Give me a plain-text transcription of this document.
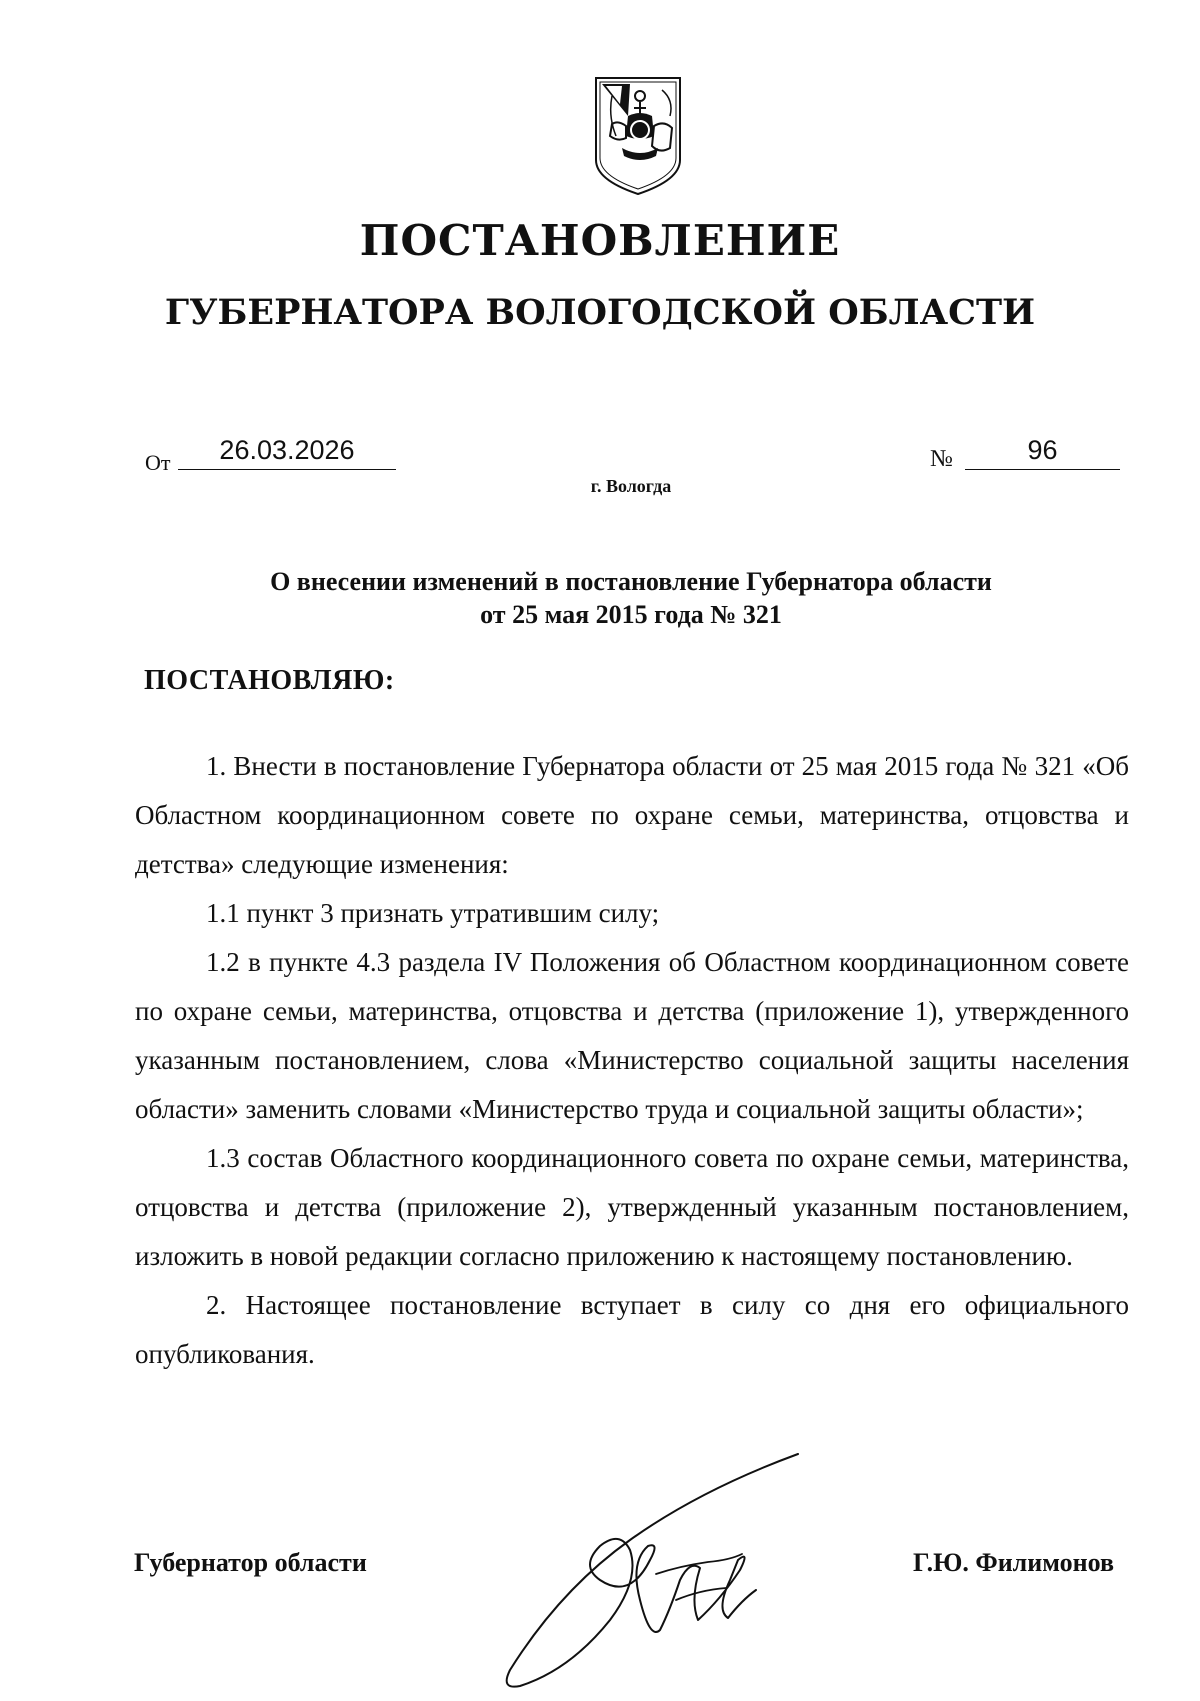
ПОСТАНОВЛЕНИЕ
ГУБЕРНАТОРА ВОЛОГОДСКОЙ ОБЛАСТИ
От	26.03.2026	№	96
г. Вологда
О внесении изменений в постановление Губернатора области
от 25 мая 2015 года № 321
ПОСТАНОВЛЯЮ:

1. Внести в постановление Губернатора области от 25 мая 2015 года № 321 «Об Областном координационном совете по охране семьи, материнства, отцовства и детства» следующие изменения:

1.1 пункт 3 признать утратившим силу;

1.2 в пункте 4.3 раздела IV Положения об Областном координационном совете по охране семьи, материнства, отцовства и детства (приложение 1), утвержденного указанным постановлением, слова «Министерство социальной защиты населения области» заменить словами «Министерство труда и социальной защиты области»;

1.3 состав Областного координационного совета по охране семьи, материнства, отцовства и детства (приложение 2), утвержденный указанным постановлением, изложить в новой редакции согласно приложению к настоящему постановлению.

2. Настоящее постановление вступает в силу со дня его официального опубликования.

Губернатор области	Г.Ю. Филимонов
